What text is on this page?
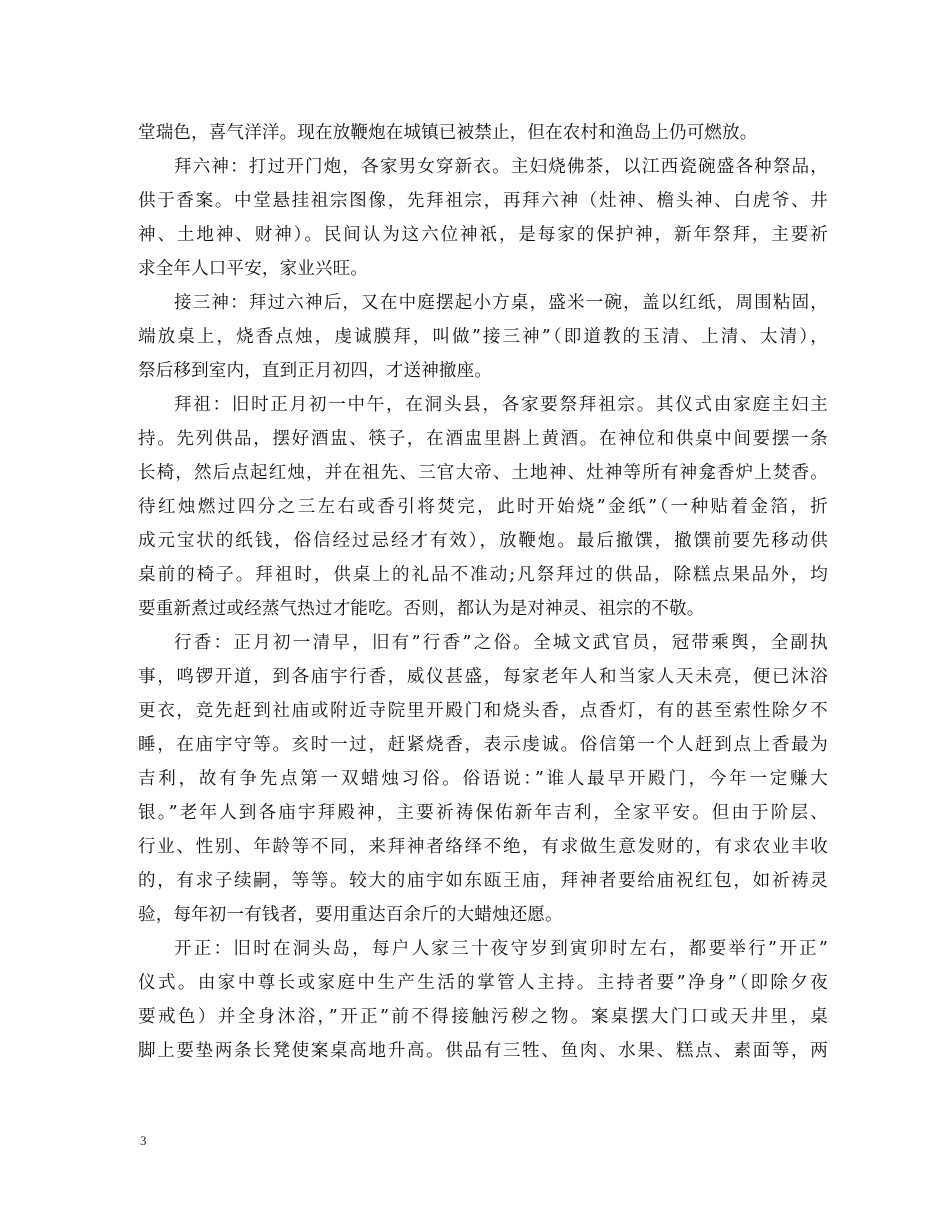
堂瑞色，喜气洋洋。现在放鞭炮在城镇已被禁止，但在农村和渔岛上仍可燃放。
拜六神：打过开门炮，各家男女穿新衣。主妇烧佛茶，以江西瓷碗盛各种祭品，
供于香案。中堂悬挂祖宗图像，先拜祖宗，再拜六神（灶神、檐头神、白虎爷、井
神、土地神、财神）。民间认为这六位神祇，是每家的保护神，新年祭拜，主要祈
求全年人口平安，家业兴旺。
接三神：拜过六神后，又在中庭摆起小方桌，盛米一碗，盖以红纸，周围粘固，
端放桌上，烧香点烛，虔诚膜拜，叫做”接三神”（即道教的玉清、上清、太清），
祭后移到室内，直到正月初四，才送神撤座。
拜祖：旧时正月初一中午，在洞头县，各家要祭拜祖宗。其仪式由家庭主妇主
持。先列供品，摆好酒盅、筷子，在酒盅里斟上黄酒。在神位和供桌中间要摆一条
长椅，然后点起红烛，并在祖先、三官大帝、土地神、灶神等所有神龛香炉上焚香。
待红烛燃过四分之三左右或香引将焚完，此时开始烧”金纸”（一种贴着金箔，折
成元宝状的纸钱，俗信经过忌经才有效），放鞭炮。最后撤馔，撤馔前要先移动供
桌前的椅子。拜祖时，供桌上的礼品不准动;凡祭拜过的供品，除糕点果品外，均
要重新煮过或经蒸气热过才能吃。否则，都认为是对神灵、祖宗的不敬。
行香：正月初一清早，旧有”行香”之俗。全城文武官员，冠带乘舆，全副执
事，鸣锣开道，到各庙宇行香，威仪甚盛，每家老年人和当家人天未亮，便已沐浴
更衣，竞先赶到社庙或附近寺院里开殿门和烧头香，点香灯，有的甚至索性除夕不
睡，在庙宇守等。亥时一过，赶紧烧香，表示虔诚。俗信第一个人赶到点上香最为
吉利，故有争先点第一双蜡烛习俗。俗语说：”谁人最早开殿门，今年一定赚大
银。”老年人到各庙宇拜殿神，主要祈祷保佑新年吉利，全家平安。但由于阶层、
行业、性别、年龄等不同，来拜神者络绎不绝，有求做生意发财的，有求农业丰收
的，有求子续嗣，等等。较大的庙宇如东瓯王庙，拜神者要给庙祝红包，如祈祷灵
验，每年初一有钱者，要用重达百余斤的大蜡烛还愿。
开正：旧时在洞头岛，每户人家三十夜守岁到寅卯时左右，都要举行”开正”
仪式。由家中尊长或家庭中生产生活的掌管人主持。主持者要”净身”（即除夕夜
要戒色）并全身沐浴，”开正”前不得接触污秽之物。案桌摆大门口或天井里，桌
脚上要垫两条长凳使案桌高地升高。供品有三牲、鱼肉、水果、糕点、素面等，两
3
